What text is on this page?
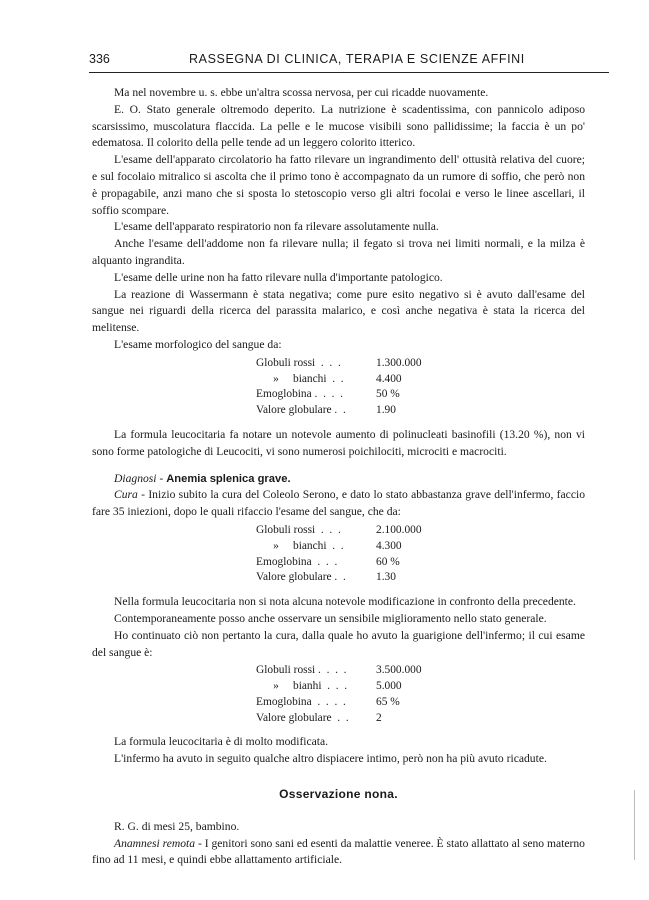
336	RASSEGNA DI CLINICA, TERAPIA E SCIENZE AFFINI

Ma nel novembre u. s. ebbe un'altra scossa nervosa, per cui ricadde nuovamente.

E. O. Stato generale oltremodo deperito. La nutrizione è scadentissima, con pannicolo adiposo scarsissimo, muscolatura flaccida. La pelle e le mucose visibili sono pallidissime; la faccia è un po' edematosa. Il colorito della pelle tende ad un leggero colorito itterico.

L'esame dell'apparato circolatorio ha fatto rilevare un ingrandimento dell' ottusità relativa del cuore; e sul focolaio mitralico si ascolta che il primo tono è accompagnato da un rumore di soffio, che però non è propagabile, anzi mano che si sposta lo stetoscopio verso gli altri focolai e verso le linee ascellari, il soffio scompare.

L'esame dell'apparato respiratorio non fa rilevare assolutamente nulla.

Anche l'esame dell'addome non fa rilevare nulla; il fegato si trova nei limiti normali, e la milza è alquanto ingrandita.

L'esame delle urine non ha fatto rilevare nulla d'importante patologico.

La reazione di Wassermann è stata negativa; come pure esito negativo si è avuto dall'esame del sangue nei riguardi della ricerca del parassita malarico, e così anche negativa è stata la ricerca del melitense.

L'esame morfologico del sangue da:

Globuli rossi  .  .  .	1.300.000
»     bianchi  .  .	4.400
Emoglobina .  .  .  .	50 %
Valore globulare .  .	1.90

La formula leucocitaria fa notare un notevole aumento di polinucleati basinofili (13.20 %), non vi sono forme patologiche di Leucociti, vi sono numerosi poichilociti, microciti e macrociti.

Diagnosi - Anemia splenica grave.

Cura - Inizio subito la cura del Coleolo Serono, e dato lo stato abbastanza grave dell'infermo, faccio fare 35 iniezioni, dopo le quali rifaccio l'esame del sangue, che da:

Globuli rossi  .  .  .	2.100.000
»     bianchi  .  .	4.300
Emoglobina  .  .  .	60 %
Valore globulare .  .	1.30

Nella formula leucocitaria non si nota alcuna notevole modificazione in confronto della precedente.

Contemporaneamente posso anche osservare un sensibile miglioramento nello stato generale.

Ho continuato ciò non pertanto la cura, dalla quale ho avuto la guarigione dell'infermo; il cui esame del sangue è:

Globuli rossi .  .  .  .	3.500.000
»     bianhi  .  .  .	5.000
Emoglobina  .  .  .  .	65 %
Valore globulare  .  .	2

La formula leucocitaria è di molto modificata.

L'infermo ha avuto in seguito qualche altro dispiacere intimo, però non ha più avuto ricadute.

Osservazione nona.

R. G. di mesi 25, bambino.

Anamnesi remota - I genitori sono sani ed esenti da malattie veneree. È stato allattato al seno materno fino ad 11 mesi, e quindi ebbe allattamento artificiale.
